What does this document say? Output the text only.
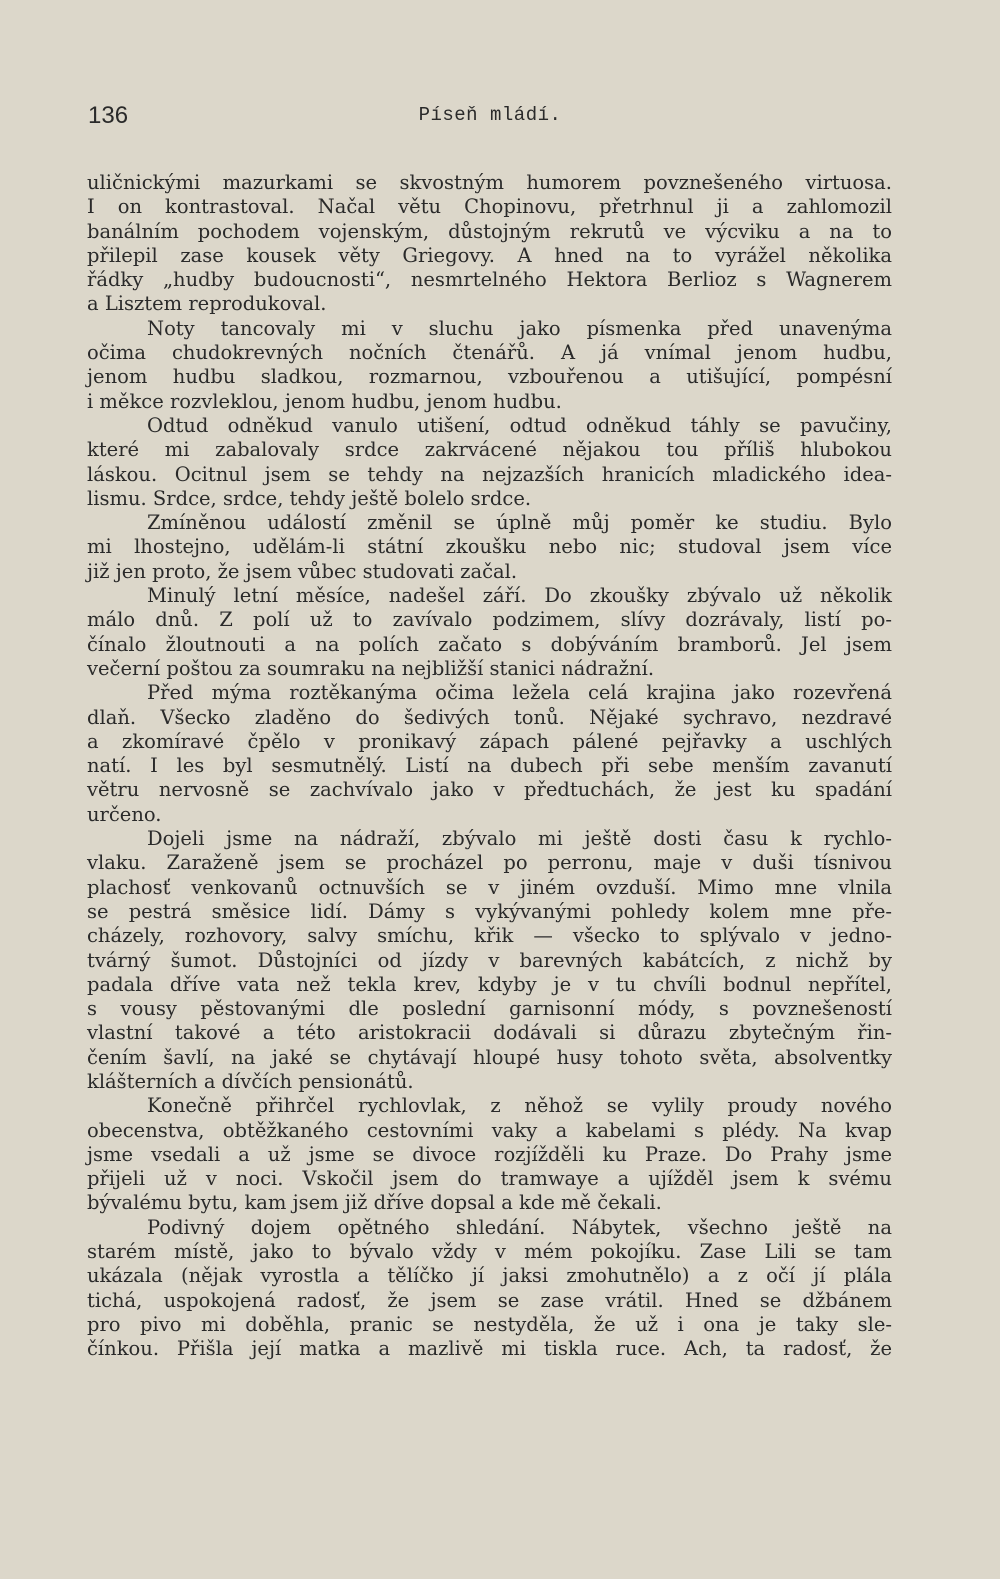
136	Píseň mládí.
uličnickými mazurkami se skvostným humorem povznešeného virtuosa.
I on kontrastoval. Načal větu Chopinovu, přetrhnul ji a zahlomozil
banálním pochodem vojenským, důstojným rekrutů ve výcviku a na to
přilepil zase kousek věty Griegovy. A hned na to vyrážel několika
řádky „hudby budoucnosti“, nesmrtelného Hektora Berlioz s Wagnerem
a Lisztem reprodukoval.
Noty tancovaly mi v sluchu jako písmenka před unavenýma
očima chudokrevných nočních čtenářů. A já vnímal jenom hudbu,
jenom hudbu sladkou, rozmarnou, vzbouřenou a utišující, pompésní
i měkce rozvleklou, jenom hudbu, jenom hudbu.
Odtud odněkud vanulo utišení, odtud odněkud táhly se pavučiny,
které mi zabalovaly srdce zakrvácené nějakou tou příliš hlubokou
láskou. Ocitnul jsem se tehdy na nejzazších hranicích mladického idea-
lismu. Srdce, srdce, tehdy ještě bolelo srdce.
Zmíněnou událostí změnil se úplně můj poměr ke studiu. Bylo
mi lhostejno, udělám-li státní zkoušku nebo nic; studoval jsem více
již jen proto, že jsem vůbec studovati začal.
Minulý letní měsíce, nadešel září. Do zkoušky zbývalo už několik
málo dnů. Z polí už to zavívalo podzimem, slívy dozrávaly, listí po-
čínalo žloutnouti a na polích začato s dobýváním bramborů. Jel jsem
večerní poštou za soumraku na nejbližší stanici nádražní.
Před mýma roztěkanýma očima ležela celá krajina jako rozevřená
dlaň. Všecko zladěno do šedivých tonů. Nějaké sychravo, nezdravé
a zkomíravé čpělo v pronikavý zápach pálené pejřavky a uschlých
natí. I les byl sesmutnělý. Listí na dubech při sebe menším zavanutí
větru nervosně se zachvívalo jako v předtuchách, že jest ku spadání
určeno.
Dojeli jsme na nádraží, zbývalo mi ještě dosti času k rychlo-
vlaku. Zaraženě jsem se procházel po perronu, maje v duši tísnivou
plachosť venkovanů octnuvších se v jiném ovzduší. Mimo mne vlnila
se pestrá směsice lidí. Dámy s vykývanými pohledy kolem mne pře-
cházely, rozhovory, salvy smíchu, křik — všecko to splývalo v jedno-
tvárný šumot. Důstojníci od jízdy v barevných kabátcích, z nichž by
padala dříve vata než tekla krev, kdyby je v tu chvíli bodnul nepřítel,
s vousy pěstovanými dle poslední garnisonní módy, s povznešeností
vlastní takové a této aristokracii dodávali si důrazu zbytečným řin-
čením šavlí, na jaké se chytávají hloupé husy tohoto světa, absolventky
klášterních a dívčích pensionátů.
Konečně přihrčel rychlovlak, z něhož se vylily proudy nového
obecenstva, obtěžkaného cestovními vaky a kabelami s plédy. Na kvap
jsme vsedali a už jsme se divoce rozjížděli ku Praze. Do Prahy jsme
přijeli už v noci. Vskočil jsem do tramwaye a ujížděl jsem k svému
bývalému bytu, kam jsem již dříve dopsal a kde mě čekali.
Podivný dojem opětného shledání. Nábytek, všechno ještě na
starém místě, jako to bývalo vždy v mém pokojíku. Zase Lili se tam
ukázala (nějak vyrostla a tělíčko jí jaksi zmohutnělo) a z očí jí plála
tichá, uspokojená radosť, že jsem se zase vrátil. Hned se džbánem
pro pivo mi doběhla, pranic se nestyděla, že už i ona je taky sle-
čínkou. Přišla její matka a mazlivě mi tiskla ruce. Ach, ta radosť, že
